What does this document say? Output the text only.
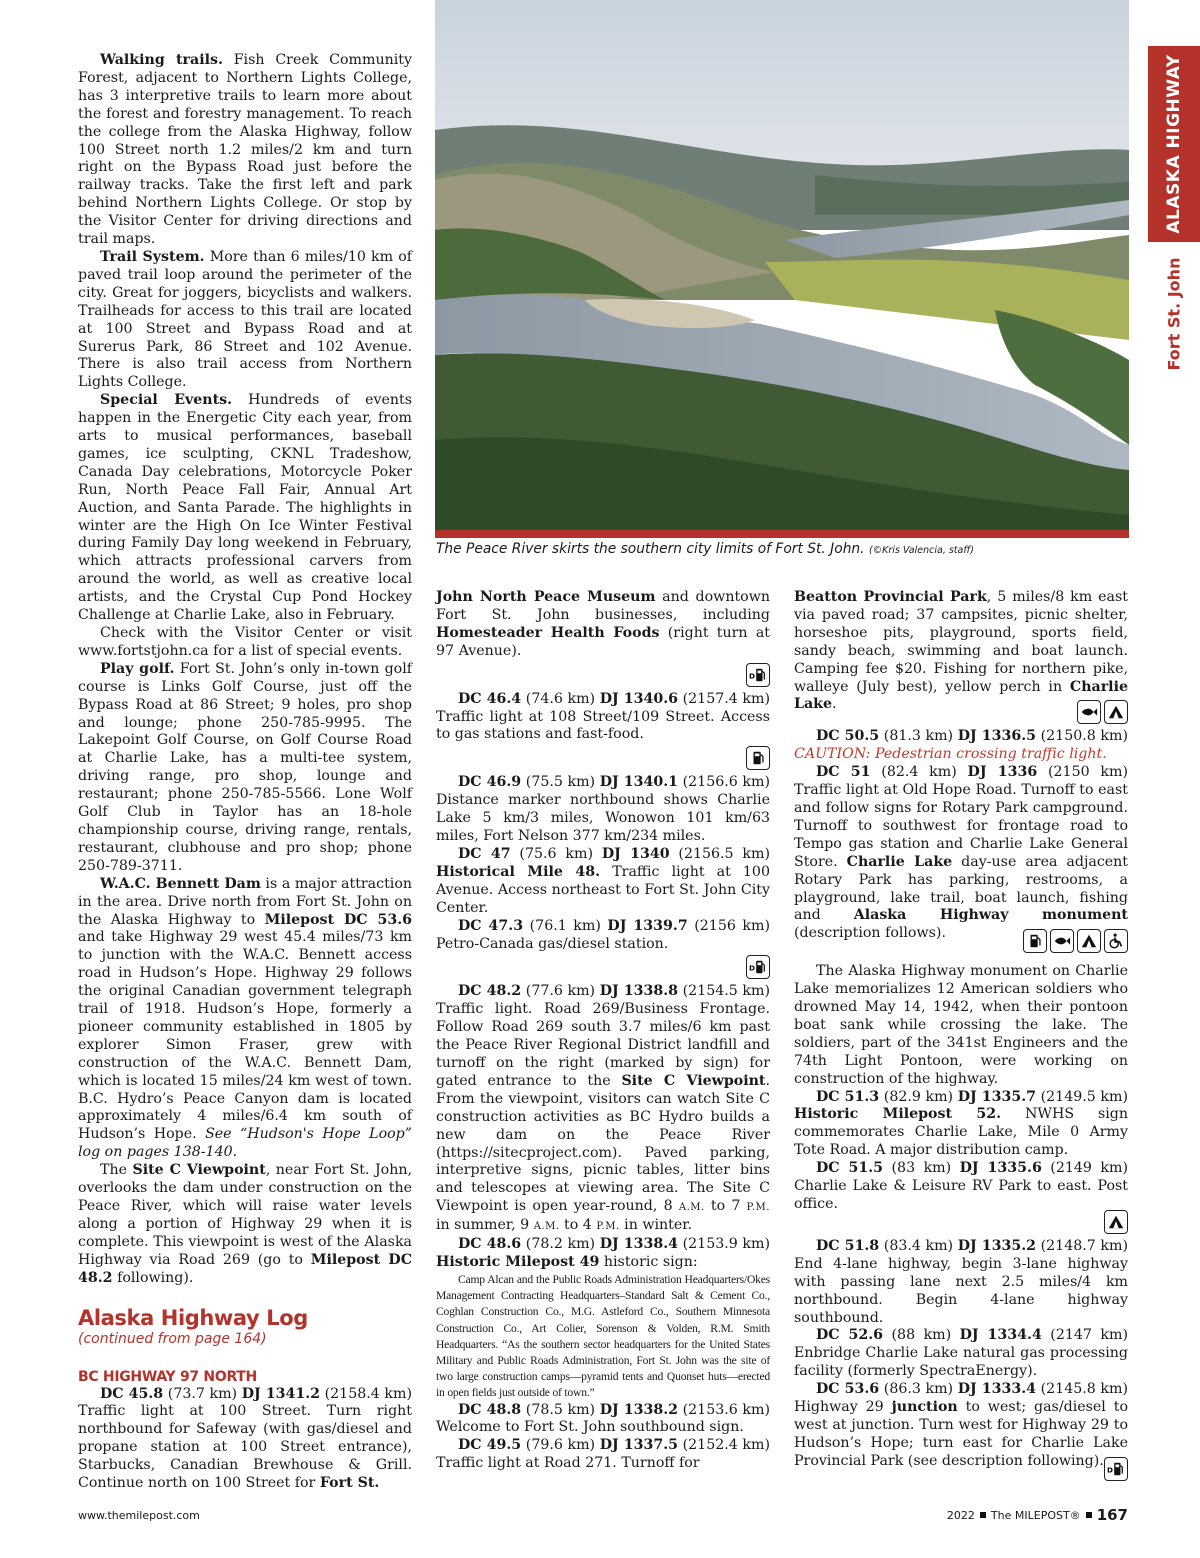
ALASKA HIGHWAY
Fort St. John
The Peace River skirts the southern city limits of Fort St. John. (©Kris Valencia, staff)

Walking trails. Fish Creek Community Forest, adjacent to Northern Lights College, has 3 interpretive trails to learn more about the forest and forestry management. To reach the college from the Alaska Highway, follow 100 Street north 1.2 miles/2 km and turn right on the Bypass Road just before the railway tracks. Take the first left and park behind Northern Lights College. Or stop by the Visitor Center for driving directions and trail maps.

Trail System. More than 6 miles/10 km of paved trail loop around the perimeter of the city. Great for joggers, bicyclists and walkers. Trailheads for access to this trail are located at 100 Street and Bypass Road and at Surerus Park, 86 Street and 102 Avenue. There is also trail access from Northern Lights College.

Special Events. Hundreds of events happen in the Energetic City each year, from arts to musical performances, baseball games, ice sculpting, CKNL Tradeshow, Canada Day celebrations, Motorcycle Poker Run, North Peace Fall Fair, Annual Art Auction, and Santa Parade. The highlights in winter are the High On Ice Winter Festival during Family Day long weekend in February, which attracts professional carvers from around the world, as well as creative local artists, and the Crystal Cup Pond Hockey Challenge at Charlie Lake, also in February.

Check with the Visitor Center or visit www.fortstjohn.ca for a list of special events.

Play golf. Fort St. John’s only in-town golf course is Links Golf Course, just off the Bypass Road at 86 Street; 9 holes, pro shop and lounge; phone 250-785-9995. The Lakepoint Golf Course, on Golf Course Road at Charlie Lake, has a multi-tee system, driving range, pro shop, lounge and restaurant; phone 250-785-5566. Lone Wolf Golf Club in Taylor has an 18-hole championship course, driving range, rentals, restaurant, clubhouse and pro shop; phone 250-789-3711.

W.A.C. Bennett Dam is a major attraction in the area. Drive north from Fort St. John on the Alaska Highway to Milepost DC 53.6 and take Highway 29 west 45.4 miles/73 km to junction with the W.A.C. Bennett access road in Hudson’s Hope. Highway 29 follows the original Canadian government telegraph trail of 1918. Hudson’s Hope, formerly a pioneer community established in 1805 by explorer Simon Fraser, grew with construction of the W.A.C. Bennett Dam, which is located 15 miles/24 km west of town. B.C. Hydro’s Peace Canyon dam is located approximately 4 miles/6.4 km south of Hudson’s Hope. See “Hudson's Hope Loop” log on pages 138-140.

The Site C Viewpoint, near Fort St. John, overlooks the dam under construction on the Peace River, which will raise water levels along a portion of Highway 29 when it is complete. This viewpoint is west of the Alaska Highway via Road 269 (go to Milepost DC 48.2 following).

Alaska Highway Log
(continued from page 164)
BC HIGHWAY 97 NORTH

DC 45.8 (73.7 km) DJ 1341.2 (2158.4 km) Traffic light at 100 Street. Turn right northbound for Safeway (with gas/diesel and propane station at 100 Street entrance), Starbucks, Canadian Brewhouse & Grill. Continue north on 100 Street for Fort St.

John North Peace Museum and downtown Fort St. John businesses, including Homesteader Health Foods (right turn at 97 Avenue).

D

DC 46.4 (74.6 km) DJ 1340.6 (2157.4 km) Traffic light at 108 Street/109 Street. Access to gas stations and fast-food.

DC 46.9 (75.5 km) DJ 1340.1 (2156.6 km) Distance marker northbound shows Charlie Lake 5 km/3 miles, Wonowon 101 km/63 miles, Fort Nelson 377 km/234 miles.

DC 47 (75.6 km) DJ 1340 (2156.5 km) Historical Mile 48. Traffic light at 100 Avenue. Access northeast to Fort St. John City Center.

DC 47.3 (76.1 km) DJ 1339.7 (2156 km) Petro-Canada gas/diesel station.

D

DC 48.2 (77.6 km) DJ 1338.8 (2154.5 km) Traffic light. Road 269/Business Frontage. Follow Road 269 south 3.7 miles/6 km past the Peace River Regional District landfill and turnoff on the right (marked by sign) for gated entrance to the Site C Viewpoint. From the viewpoint, visitors can watch Site C construction activities as BC Hydro builds a new dam on the Peace River (https://sitecproject.com). Paved parking, interpretive signs, picnic tables, litter bins and telescopes at viewing area. The Site C Viewpoint is open year-round, 8 A.M. to 7 P.M. in summer, 9 A.M. to 4 P.M. in winter.

DC 48.6 (78.2 km) DJ 1338.4 (2153.9 km) Historic Milepost 49 historic sign:

Camp Alcan and the Public Roads Administration Headquarters/Okes Management Contracting Headquarters–Standard Salt & Cement Co., Coghlan Construction Co., M.G. Astleford Co., Southern Minnesota Construction Co., Art Colier, Sorenson & Volden, R.M. Smith Headquarters. “As the southern sector headquarters for the United States Military and Public Roads Administration, Fort St. John was the site of two large construction camps—pyramid tents and Quonset huts—erected in open fields just outside of town.”

DC 48.8 (78.5 km) DJ 1338.2 (2153.6 km) Welcome to Fort St. John southbound sign.

DC 49.5 (79.6 km) DJ 1337.5 (2152.4 km) Traffic light at Road 271. Turnoff for

Beatton Provincial Park, 5 miles/8 km east via paved road; 37 campsites, picnic shelter, horseshoe pits, playground, sports field, sandy beach, swimming and boat launch. Camping fee $20. Fishing for northern pike, walleye (July best), yellow perch in Charlie Lake.

DC 50.5 (81.3 km) DJ 1336.5 (2150.8 km) CAUTION: Pedestrian crossing traffic light.

DC 51 (82.4 km) DJ 1336 (2150 km) Traffic light at Old Hope Road. Turnoff to east and follow signs for Rotary Park campground. Turnoff to southwest for frontage road to Tempo gas station and Charlie Lake General Store. Charlie Lake day-use area adjacent Rotary Park has parking, restrooms, a playground, lake trail, boat launch, fishing and Alaska Highway monument (description follows).

The Alaska Highway monument on Charlie Lake memorializes 12 American soldiers who drowned May 14, 1942, when their pontoon boat sank while crossing the lake. The soldiers, part of the 341st Engineers and the 74th Light Pontoon, were working on construction of the highway.

DC 51.3 (82.9 km) DJ 1335.7 (2149.5 km) Historic Milepost 52. NWHS sign commemorates Charlie Lake, Mile 0 Army Tote Road. A major distribution camp.

DC 51.5 (83 km) DJ 1335.6 (2149 km) Charlie Lake & Leisure RV Park to east. Post office.

DC 51.8 (83.4 km) DJ 1335.2 (2148.7 km) End 4-lane highway, begin 3-lane highway with passing lane next 2.5 miles/4 km northbound. Begin 4-lane highway southbound.

DC 52.6 (88 km) DJ 1334.4 (2147 km) Enbridge Charlie Lake natural gas processing facility (formerly SpectraEnergy).

DC 53.6 (86.3 km) DJ 1333.4 (2145.8 km) Highway 29 junction to west; gas/diesel to west at junction. Turn west for Highway 29 to Hudson’s Hope; turn east for Charlie Lake Provincial Park (see description following).

D
www.themilepost.com	2022 The MILEPOST® 167
